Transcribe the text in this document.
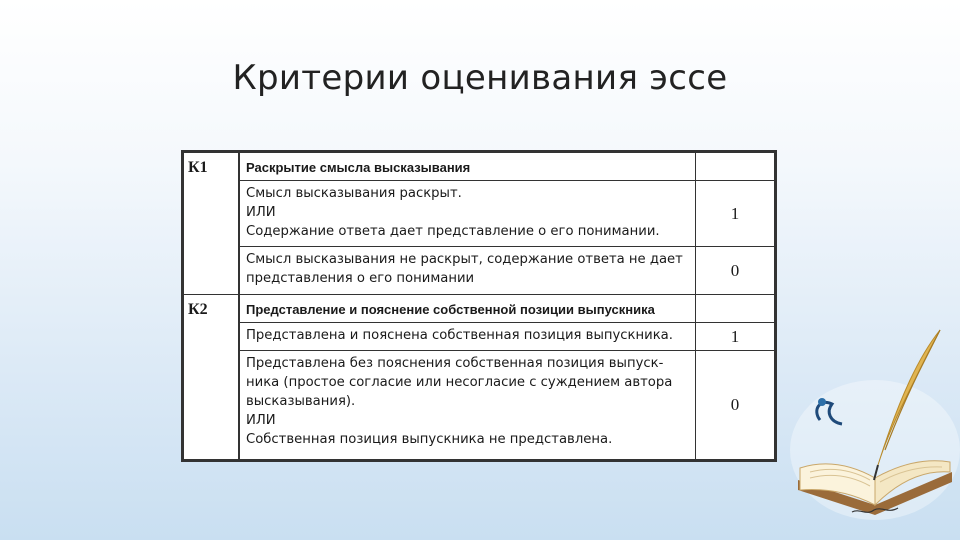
Критерии оценивания эссе
К1	Раскрытие смысла высказывания	

	Смысл высказывания раскрыт.
ИЛИ
Содержание ответа дает представление о его понимании.	1

	Смысл высказывания не раскрыт, содержание ответа не дает
представления о его понимании	0
К2	Представление и пояснение собственной позиции выпускника	

	Представлена и пояснена собственная позиция выпускника.	1

	Представлена без пояснения собственная позиция выпуск-
ника (простое согласие или несогласие с суждением автора
высказывания).
ИЛИ
Собственная позиция выпускника не представлена.	0
